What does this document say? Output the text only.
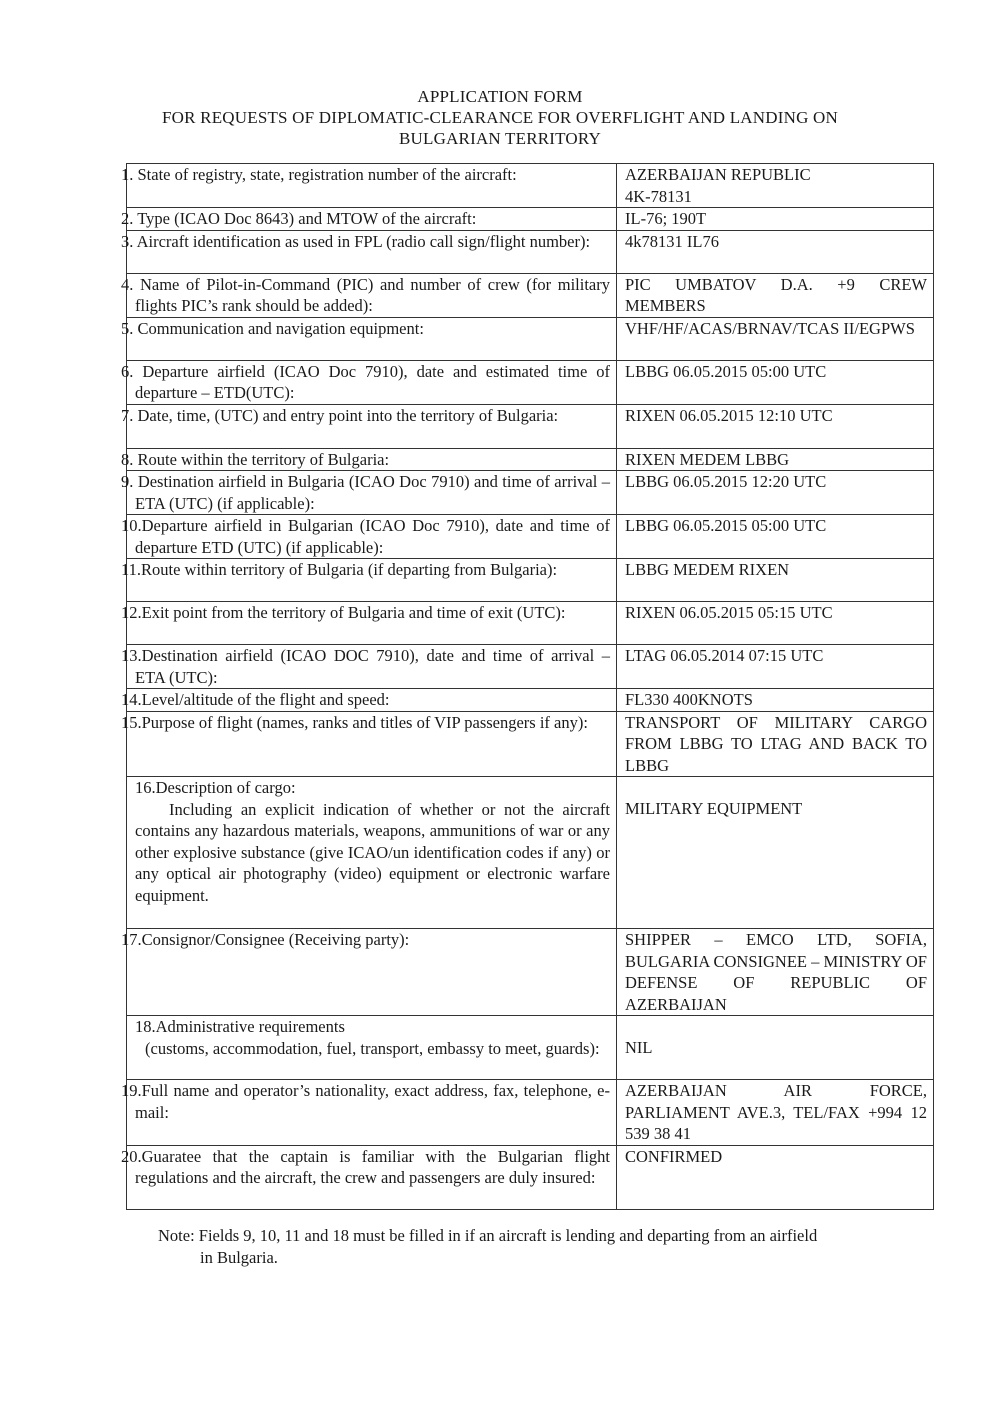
APPLICATION FORM
FOR REQUESTS OF DIPLOMATIC-CLEARANCE FOR OVERFLIGHT AND LANDING ON
BULGARIAN TERRITORY
1. State of registry, state, registration number of the aircraft:	AZERBAIJAN REPUBLIC
4K-78131

2. Type (ICAO Doc 8643) and MTOW of the aircraft:	IL-76; 190T
3. Aircraft identification as used in FPL (radio call sign/flight number):	4k78131 IL76
4. Name of Pilot-in-Command (PIC) and number of crew (for military flights PIC’s rank should be added):	PIC UMBATOV D.A. +9 CREW MEMBERS
5. Communication and navigation equipment:	VHF/HF/ACAS/BRNAV/TCAS II/EGPWS
6. Departure airfield (ICAO Doc 7910), date and estimated time of departure – ETD(UTC):	LBBG 06.05.2015 05:00 UTC
7. Date, time, (UTC) and entry point into the territory of Bulgaria:	RIXEN 06.05.2015 12:10 UTC
8. Route within the territory of Bulgaria:	RIXEN MEDEM LBBG
9. Destination airfield in Bulgaria (ICAO Doc 7910) and time of arrival – ETA (UTC) (if applicable):	LBBG 06.05.2015 12:20 UTC
10.Departure airfield in Bulgarian (ICAO Doc 7910), date and time of departure ETD (UTC) (if applicable):	LBBG 06.05.2015 05:00 UTC
11.Route within territory of Bulgaria (if departing from Bulgaria):	LBBG MEDEM RIXEN
12.Exit point from the territory of Bulgaria and time of exit (UTC):	RIXEN 06.05.2015 05:15 UTC
13.Destination airfield (ICAO DOC 7910), date and time of arrival – ETA (UTC):	LTAG 06.05.2014 07:15 UTC
14.Level/altitude of the flight and speed:	FL330 400KNOTS
15.Purpose of flight (names, ranks and titles of VIP passengers if any):	TRANSPORT OF MILITARY CARGO FROM LBBG TO LTAG AND BACK TO LBBG
16.Description of cargo:
Including an explicit indication of whether or not the aircraft contains any hazardous materials, weapons, ammunitions of war or any other explosive substance (give ICAO/un identification codes if any) or any optical air photography (video) equipment or electronic warfare equipment.	MILITARY EQUIPMENT

17.Consignor/Consignee (Receiving party):	SHIPPER – EMCO LTD, SOFIA, BULGARIA CONSIGNEE – MINISTRY OF DEFENSE OF REPUBLIC OF AZERBAIJAN
18.Administrative requirements
(customs, accommodation, fuel, transport, embassy to meet, guards):	NIL

19.Full name and operator’s nationality, exact address, fax, telephone, e-mail:	AZERBAIJAN AIR FORCE, PARLIAMENT AVE.3, TEL/FAX +994 12 539 38 41
20.Guaratee that the captain is familiar with the Bulgarian flight regulations and the aircraft, the crew and passengers are duly insured:	CONFIRMED
Note: Fields 9, 10, 11 and 18 must be filled in if an aircraft is lending and departing from an airfield
in Bulgaria.
